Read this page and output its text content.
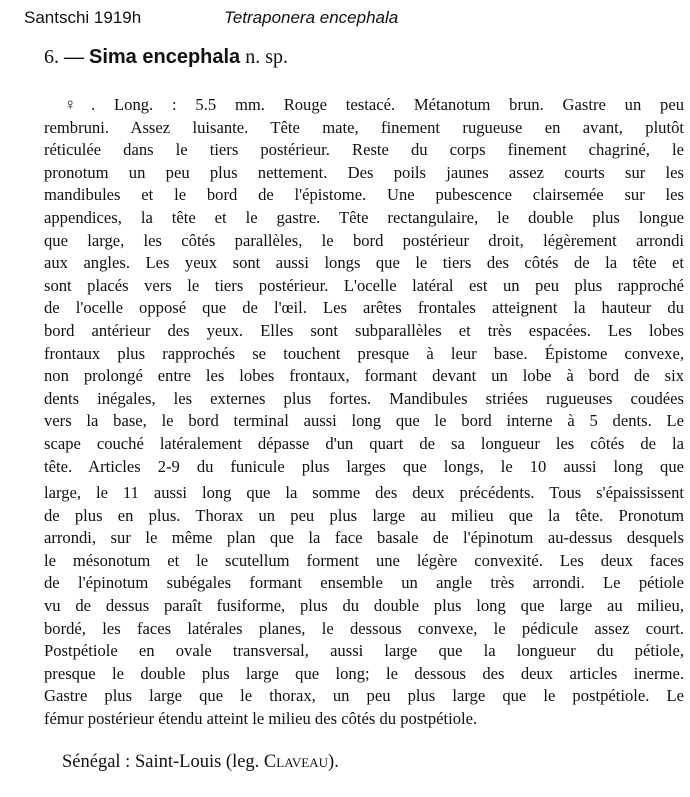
Santschi 1919h	Tetraponera encephala
6. — Sima encephala n. sp.
♀. Long. : 5.5 mm. Rouge testacé. Métanotum brun. Gastre un peu
rembruni. Assez luisante. Tête mate, finement rugueuse en avant, plutôt
réticulée dans le tiers postérieur. Reste du corps finement chagriné, le
pronotum un peu plus nettement. Des poils jaunes assez courts sur les
mandibules et le bord de l'épistome. Une pubescence clairsemée sur les
appendices, la tête et le gastre. Tête rectangulaire, le double plus longue
que large, les côtés parallèles, le bord postérieur droit, légèrement arrondi
aux angles. Les yeux sont aussi longs que le tiers des côtés de la tête et
sont placés vers le tiers postérieur. L'ocelle latéral est un peu plus rapproché
de l'ocelle opposé que de l'œil. Les arêtes frontales atteignent la hauteur du
bord antérieur des yeux. Elles sont subparallèles et très espacées. Les lobes
frontaux plus rapprochés se touchent presque à leur base. Épistome convexe,
non prolongé entre les lobes frontaux, formant devant un lobe à bord de six
dents inégales, les externes plus fortes. Mandibules striées rugueuses coudées
vers la base, le bord terminal aussi long que le bord interne à 5 dents. Le
scape couché latéralement dépasse d'un quart de sa longueur les côtés de la
tête. Articles 2-9 du funicule plus larges que longs, le 10 aussi long que
large, le 11 aussi long que la somme des deux précédents. Tous s'épaississent
de plus en plus. Thorax un peu plus large au milieu que la tête. Pronotum
arrondi, sur le même plan que la face basale de l'épinotum au-dessus desquels
le mésonotum et le scutellum forment une légère convexité. Les deux faces
de l'épinotum subégales formant ensemble un angle très arrondi. Le pétiole
vu de dessus paraît fusiforme, plus du double plus long que large au milieu,
bordé, les faces latérales planes, le dessous convexe, le pédicule assez court.
Postpétiole en ovale transversal, aussi large que la longueur du pétiole,
presque le double plus large que long; le dessous des deux articles inerme.
Gastre plus large que le thorax, un peu plus large que le postpétiole. Le
fémur postérieur étendu atteint le milieu des côtés du postpétiole.
Sénégal : Saint-Louis (leg. Claveau).
